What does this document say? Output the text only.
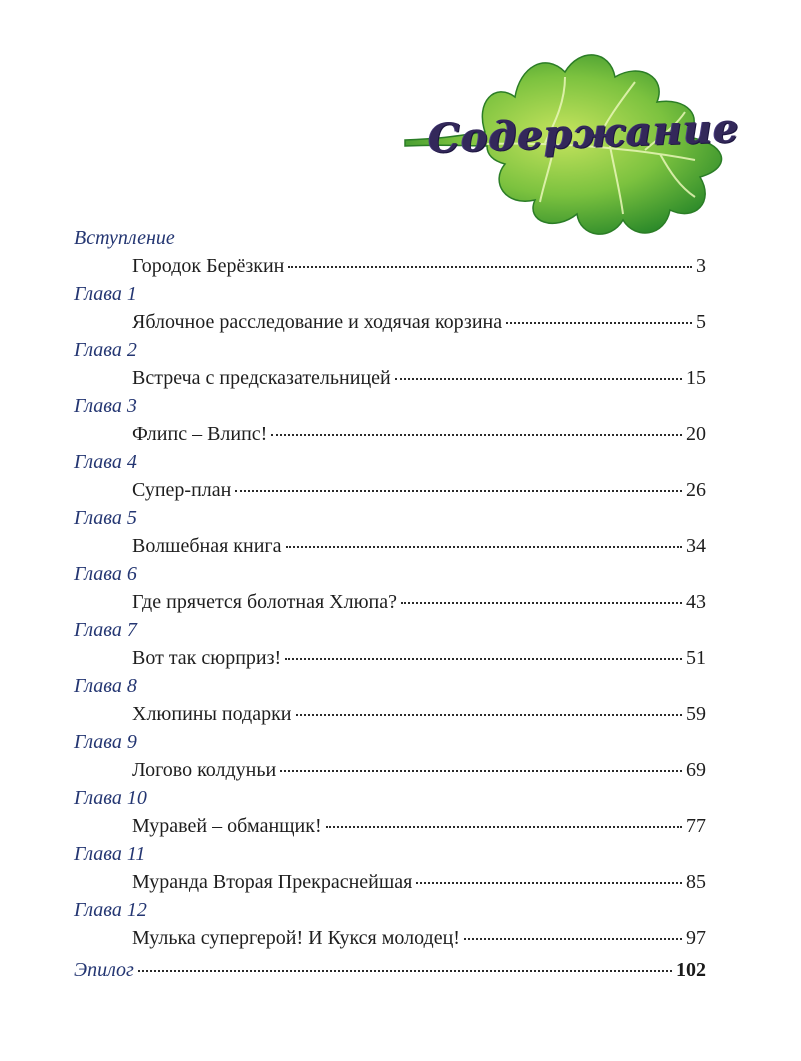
Содержание
Вступление
Городок Берёзкин	3
Глава 1
Яблочное расследование и ходячая корзина	5
Глава 2
Встреча с предсказательницей	15
Глава 3
Флипс – Влипс!	20
Глава 4
Супер-план	26
Глава 5
Волшебная книга	34
Глава 6
Где прячется болотная Хлюпа?	43
Глава 7
Вот так сюрприз!	51
Глава 8
Хлюпины подарки	59
Глава 9
Логово колдуньи	69
Глава 10
Муравей – обманщик!	77
Глава 11
Муранда Вторая Прекраснейшая	85
Глава 12
Мулька супергерой! И Кукся молодец!	97
Эпилог	102
